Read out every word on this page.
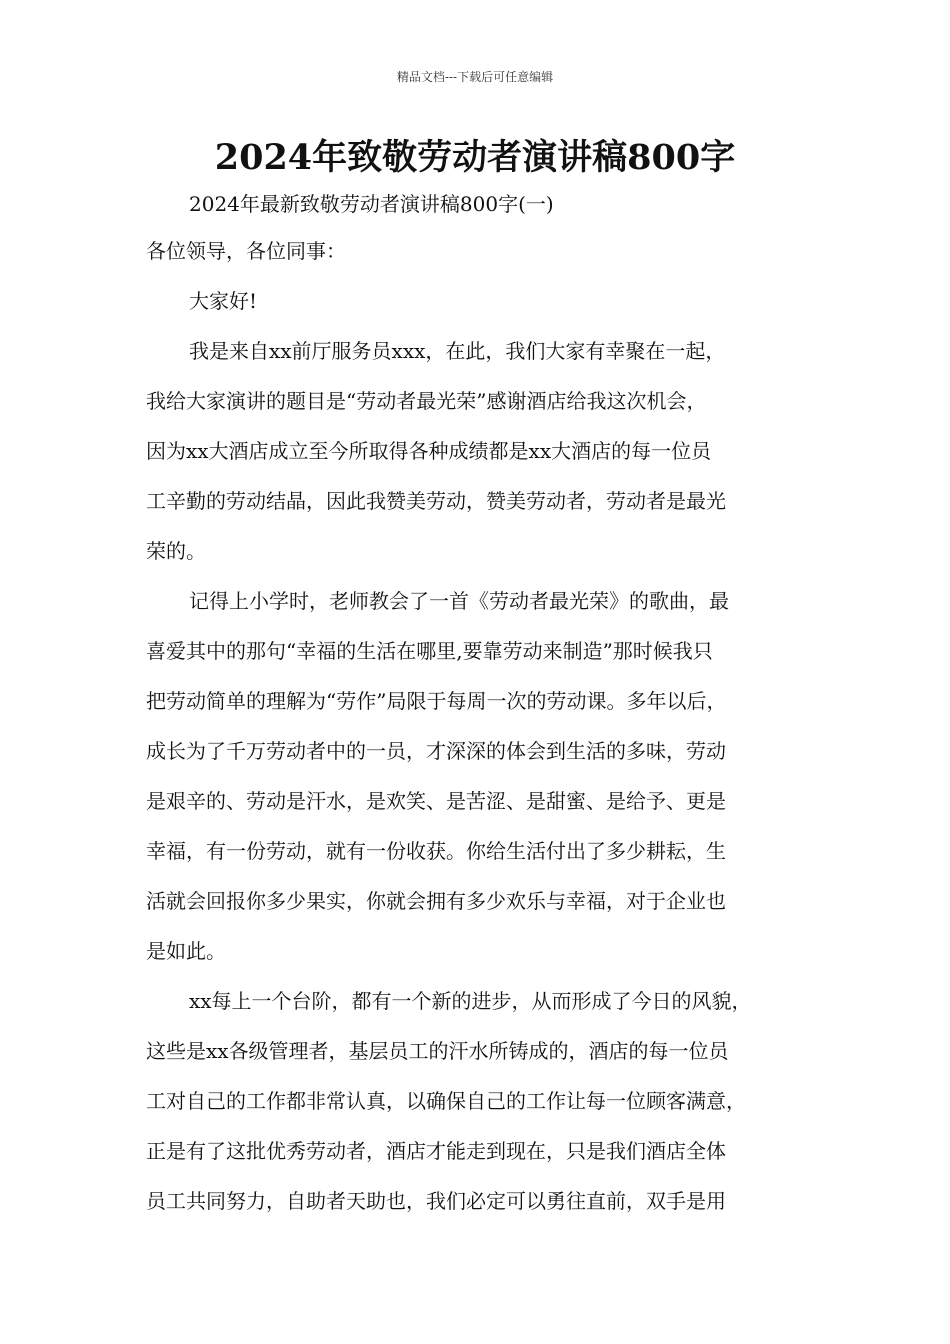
精品文档---下载后可任意编辑
2024年致敬劳动者演讲稿800字
2024年最新致敬劳动者演讲稿800字(一)
各位领导，各位同事：
大家好!
我是来自xx前厅服务员xxx，在此，我们大家有幸聚在一起，
我给大家演讲的题目是“劳动者最光荣”感谢酒店给我这次机会，
因为xx大酒店成立至今所取得各种成绩都是xx大酒店的每一位员
工辛勤的劳动结晶，因此我赞美劳动，赞美劳动者，劳动者是最光
荣的。
记得上小学时，老师教会了一首《劳动者最光荣》的歌曲，最
喜爱其中的那句“幸福的生活在哪里,要靠劳动来制造”那时候我只
把劳动简单的理解为“劳作”局限于每周一次的劳动课。多年以后，
成长为了千万劳动者中的一员，才深深的体会到生活的多味，劳动
是艰辛的、劳动是汗水，是欢笑、是苦涩、是甜蜜、是给予、更是
幸福，有一份劳动，就有一份收获。你给生活付出了多少耕耘，生
活就会回报你多少果实，你就会拥有多少欢乐与幸福，对于企业也
是如此。
xx每上一个台阶，都有一个新的进步，从而形成了今日的风貌，
这些是xx各级管理者，基层员工的汗水所铸成的，酒店的每一位员
工对自己的工作都非常认真，以确保自己的工作让每一位顾客满意，
正是有了这批优秀劳动者，酒店才能走到现在，只是我们酒店全体
员工共同努力，自助者天助也，我们必定可以勇往直前，双手是用
